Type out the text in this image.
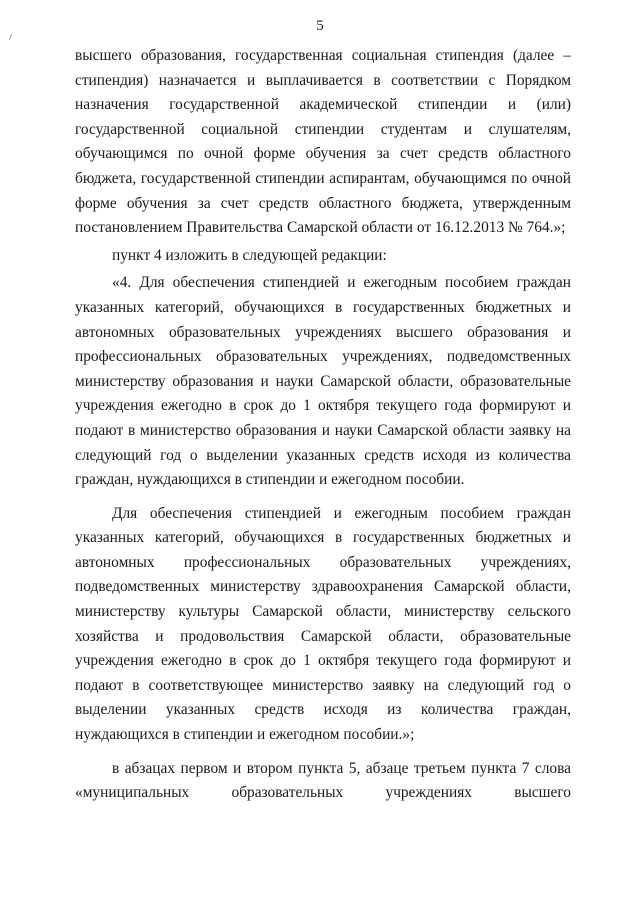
5

высшего образования, государственная социальная стипендия (далее – стипендия) назначается и выплачивается в соответствии с Порядком назначения государственной академической стипендии и (или) государственной социальной стипендии студентам и слушателям, обучающимся по очной форме обучения за счет средств областного бюджета, государственной стипендии аспирантам, обучающимся по очной форме обучения за счет средств областного бюджета, утвержденным постановлением Правительства Самарской области от 16.12.2013 № 764.»;

пункт 4 изложить в следующей редакции:

«4. Для обеспечения стипендией и ежегодным пособием граждан указанных категорий, обучающихся в государственных бюджетных и автономных образовательных учреждениях высшего образования и профессиональных образовательных учреждениях, подведомственных министерству образования и науки Самарской области, образовательные учреждения ежегодно в срок до 1 октября текущего года формируют и подают в министерство образования и науки Самарской области заявку на следующий год о выделении указанных средств исходя из количества граждан, нуждающихся в стипендии и ежегодном пособии.

Для обеспечения стипендией и ежегодным пособием граждан указанных категорий, обучающихся в государственных бюджетных и автономных профессиональных образовательных учреждениях, подведомственных министерству здравоохранения Самарской области, министерству культуры Самарской области, министерству сельского хозяйства и продовольствия Самарской области, образовательные учреждения ежегодно в срок до 1 октября текущего года формируют и подают в соответствующее министерство заявку на следующий год о выделении указанных средств исходя из количества граждан, нуждающихся в стипендии и ежегодном пособии.»;

в абзацах первом и втором пункта 5, абзаце третьем пункта 7 слова «муниципальных образовательных учреждениях высшего
